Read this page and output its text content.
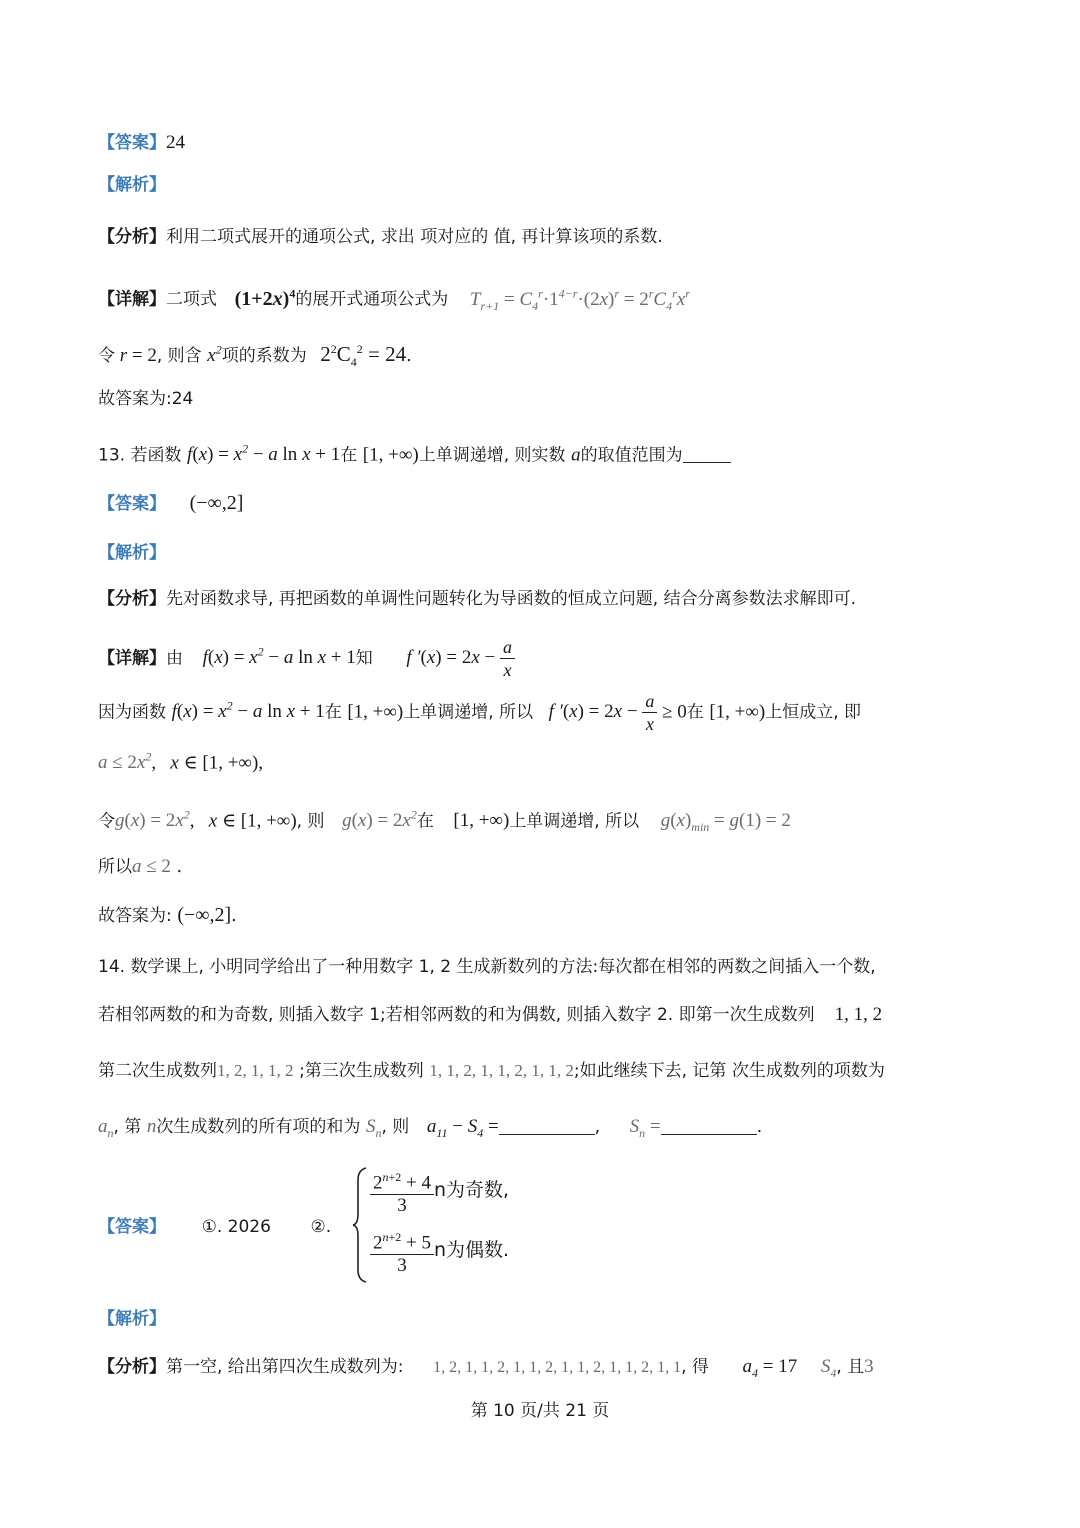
【答案】24
【解析】
【分析】利用二项式展开的通项公式, 求出 项对应的 值, 再计算该项的系数.
【详解】二项式 $(1+2x)^4$的展开式通项公式为 $T_{r+1} = C_4^r\cdot 1^{4-r}\cdot(2x)^r = 2^rC_4^rx^r$
令 r = 2, 则含 $x^2$项的系数为 $2^2C_4^2 = 24$.
故答案为:24
13. 若函数 $f(x) = x^2 - a$ ln x + 1在 [1, +∞)上单调递增, 则实数 a的取值范围为
【答案】 (−∞,2]
【解析】
【分析】先对函数求导, 再把函数的单调性问题转化为导函数的恒成立问题, 结合分离参数法求解即可.
【详解】由 $f(x) = x^2 - a$ ln x + 1知 f $'(x) = 2x - \frac{a}{x}$
因为函数 $f(x) = x^2 - a$ ln x + 1在 [1, +∞)上单调递增, 所以 f $'(x) = 2x - \frac{a}{x} \ge 0$在 [1, +∞)上恒成立, 即
$a \le 2x^2$,   x ∈ [1, +∞),
令$g(x) = 2x^2$,   x ∈ [1, +∞), 则 $g(x) = 2x^2$在 [1, +∞)上单调递增, 所以 $g(x)_{min} = g(1) = 2$
所以a ≤ 2 .
故答案为: (−∞,2].
14. 数学课上, 小明同学给出了一种用数字 1, 2 生成新数列的方法:每次都在相邻的两数之间插入一个数,
若相邻两数的和为奇数, 则插入数字 1;若相邻两数的和为偶数, 则插入数字 2. 即第一次生成数列 1, 1, 2
第二次生成数列1, 2, 1, 1, 2 ;第三次生成数列 1, 1, 2, 1, 1, 2, 1, 1, 2;如此继续下去, 记第 次生成数列的项数为
$a_n$, 第 n次生成数列的所有项的和为 $S_n$, 则 $a_{11} - S_4$ =	, $S_n$ =	.
【答案】 ①. 2026 ②.
$\frac{2^{n+2} + 4}{3}$ n为奇数,
$\frac{2^{n+2} + 5}{3}$ n为偶数.
【解析】
【分析】第一空, 给出第四次生成数列为: 1, 2, 1, 1, 2, 1, 1, 2, 1, 1, 2, 1, 1, 2, 1, 1, 得 $a_4 = 17$ $S_4$, 且3
第 10 页/共 21 页
